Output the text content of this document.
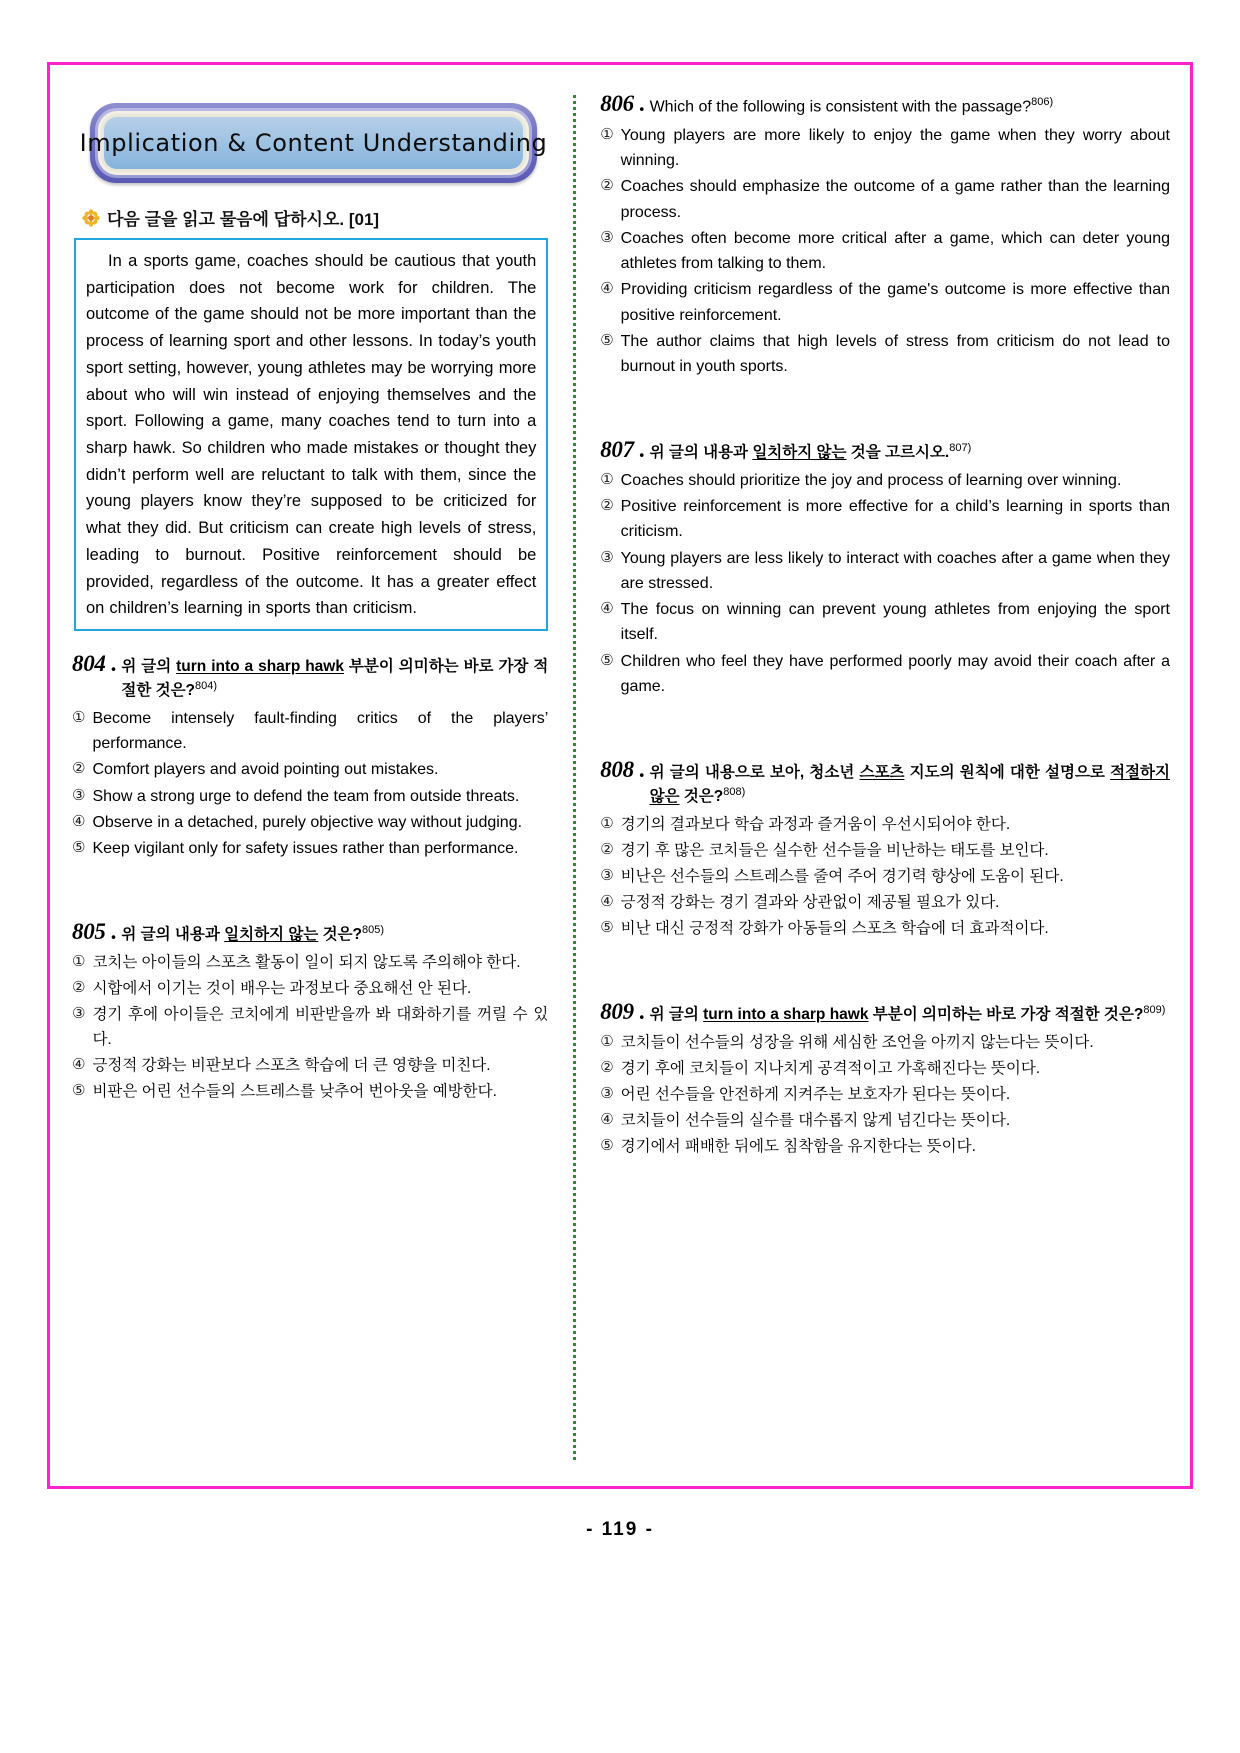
Implication & Content Understanding
다음 글을 읽고 물음에 답하시오. [01]
In a sports game, coaches should be cautious that youth participation does not become work for children. The outcome of the game should not be more important than the process of learning sport and other lessons. In today’s youth sport setting, however, young athletes may be worrying more about who will win instead of enjoying themselves and the sport. Following a game, many coaches tend to turn into a sharp hawk. So children who made mistakes or thought they didn’t perform well are reluctant to talk with them, since the young players know they’re supposed to be criticized for what they did. But criticism can create high levels of stress, leading to burnout. Positive reinforcement should be provided, regardless of the outcome. It has a greater effect on children’s learning in sports than criticism.
804 . 위 글의 turn into a sharp hawk 부분이 의미하는 바로 가장 적절한 것은?$^{804)}$
① Become intensely fault-finding critics of the players’ performance.
② Comfort players and avoid pointing out mistakes.
③ Show a strong urge to defend the team from outside threats.
④ Observe in a detached, purely objective way without judging.
⑤ Keep vigilant only for safety issues rather than performance.
805 . 위 글의 내용과 일치하지 않는 것은?$^{805)}$
① 코치는 아이들의 스포츠 활동이 일이 되지 않도록 주의해야 한다.
② 시합에서 이기는 것이 배우는 과정보다 중요해선 안 된다.
③ 경기 후에 아이들은 코치에게 비판받을까 봐 대화하기를 꺼릴 수 있다.
④ 긍정적 강화는 비판보다 스포츠 학습에 더 큰 영향을 미친다.
⑤ 비판은 어린 선수들의 스트레스를 낮추어 번아웃을 예방한다.
806 . Which of the following is consistent with the passage?$^{806)}$
① Young players are more likely to enjoy the game when they worry about winning.
② Coaches should emphasize the outcome of a game rather than the learning process.
③ Coaches often become more critical after a game, which can deter young athletes from talking to them.
④ Providing criticism regardless of the game's outcome is more effective than positive reinforcement.
⑤ The author claims that high levels of stress from criticism do not lead to burnout in youth sports.
807 . 위 글의 내용과 일치하지 않는 것을 고르시오.$^{807)}$
① Coaches should prioritize the joy and process of learning over winning.
② Positive reinforcement is more effective for a child’s learning in sports than criticism.
③ Young players are less likely to interact with coaches after a game when they are stressed.
④ The focus on winning can prevent young athletes from enjoying the sport itself.
⑤ Children who feel they have performed poorly may avoid their coach after a game.
808 . 위 글의 내용으로 보아, 청소년 스포츠 지도의 원칙에 대한 설명으로 적절하지 않은 것은?$^{808)}$
① 경기의 결과보다 학습 과정과 즐거움이 우선시되어야 한다.
② 경기 후 많은 코치들은 실수한 선수들을 비난하는 태도를 보인다.
③ 비난은 선수들의 스트레스를 줄여 주어 경기력 향상에 도움이 된다.
④ 긍정적 강화는 경기 결과와 상관없이 제공될 필요가 있다.
⑤ 비난 대신 긍정적 강화가 아동들의 스포츠 학습에 더 효과적이다.
809 . 위 글의 turn into a sharp hawk 부분이 의미하는 바로 가장 적절한 것은?$^{809)}$
① 코치들이 선수들의 성장을 위해 세심한 조언을 아끼지 않는다는 뜻이다.
② 경기 후에 코치들이 지나치게 공격적이고 가혹해진다는 뜻이다.
③ 어린 선수들을 안전하게 지켜주는 보호자가 된다는 뜻이다.
④ 코치들이 선수들의 실수를 대수롭지 않게 넘긴다는 뜻이다.
⑤ 경기에서 패배한 뒤에도 침착함을 유지한다는 뜻이다.
- 119 -
